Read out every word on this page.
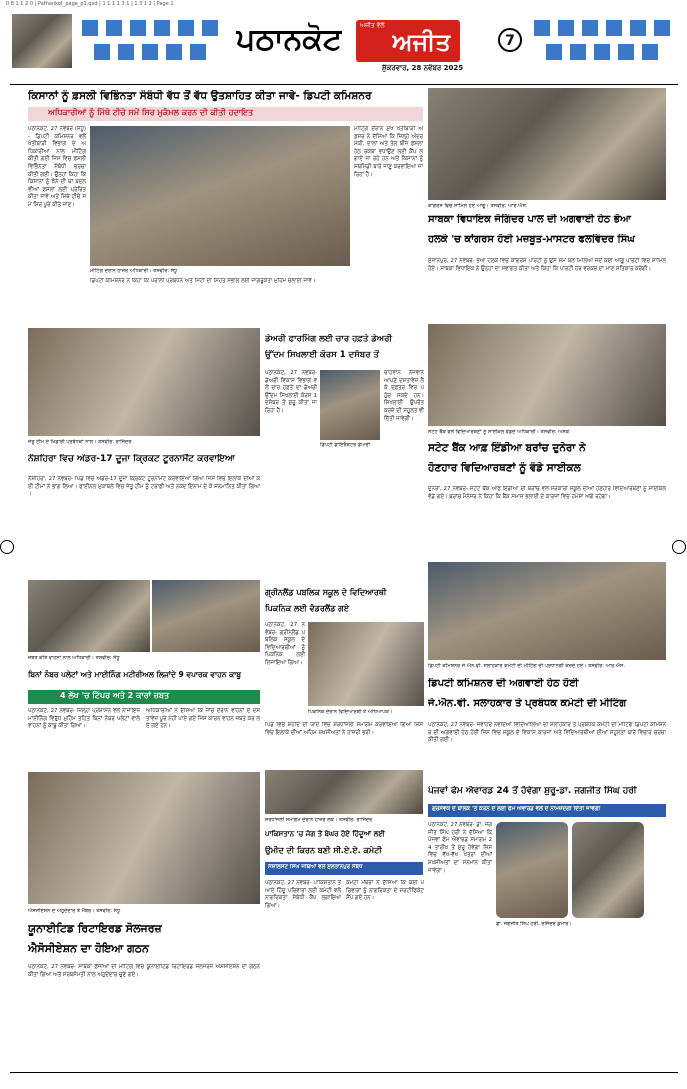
0 8 1 1 2 0 | Pathankot_page_p1.qxd | 1 1 1 1 3 1 | 1 3 1 2 | Page 1
ਪਠਾਨਕੋਟ ਅਜੀਤ
ਅਜੀਤ ਵੱਲੋਂ
ਸ਼ੁੱਕਰਵਾਰ, 28 ਨਵੰਬਰ 2025
7
ਕਿਸਾਨਾਂ ਨੂੰ ਫ਼ਸਲੀ ਵਿਭਿੰਨਤਾ ਸੰਬੰਧੀ ਵੱਧ ਤੋਂ ਵੱਧ ਉਤਸ਼ਾਹਿਤ ਕੀਤਾ ਜਾਵੇ- ਡਿਪਟੀ ਕਮਿਸ਼ਨਰ
ਅਧਿਕਾਰੀਆਂ ਨੂੰ ਮਿੱਥੇ ਟੀਚੇ ਸਮੇਂ ਸਿਰ ਮੁਕੰਮਲ ਕਰਨ ਦੀ ਕੀਤੀ ਹਦਾਇਤ
ਪਠਾਨਕੋਟ, 27 ਨਵੰਬਰ (ਸੰਧੂ)- ਡਿਪਟੀ ਕਮਿਸ਼ਨਰ ਵਲੋਂ ਖੇਤੀਬਾੜੀ ਵਿਭਾਗ ਦੇ ਅਧਿਕਾਰੀਆਂ ਨਾਲ ਮੀਟਿੰਗ ਕੀਤੀ ਗਈ ਜਿਸ ਵਿਚ ਫ਼ਸਲੀ ਵਿਭਿੰਨਤਾ ਸੰਬੰਧੀ ਚਰਚਾ ਕੀਤੀ ਗਈ। ਉਨ੍ਹਾਂ ਕਿਹਾ ਕਿ ਕਿਸਾਨਾਂ ਨੂੰ ਝੋਨੇ ਦੀ ਥਾਂ ਬਦਲਵੀਆਂ ਫ਼ਸਲਾਂ ਲਈ ਪ੍ਰੇਰਿਤ ਕੀਤਾ ਜਾਵੇ ਅਤੇ ਮਿੱਥੇ ਟੀਚੇ ਸਮੇਂ ਸਿਰ ਪੂਰੇ ਕੀਤੇ ਜਾਣ।
ਮੀਟਿੰਗ ਦੌਰਾਨ ਮੁੱਖ ਖੇਤੀਬਾੜੀ ਅਫ਼ਸਰ ਨੇ ਦੱਸਿਆ ਕਿ ਜ਼ਿਲ੍ਹੇ ਅੰਦਰ ਮੱਕੀ, ਦਾਲਾਂ ਅਤੇ ਤੇਲ ਬੀਜ ਫ਼ਸਲਾਂ ਹੇਠ ਰਕਬਾ ਵਧਾਉਣ ਲਈ ਕੈਂਪ ਲਗਾਏ ਜਾ ਰਹੇ ਹਨ ਅਤੇ ਕਿਸਾਨਾਂ ਨੂੰ ਸਬਸਿਡੀ ਬਾਰੇ ਜਾਣੂ ਕਰਵਾਇਆ ਜਾ ਰਿਹਾ ਹੈ।
ਮੀਟਿੰਗ ਦੌਰਾਨ ਹਾਜ਼ਰ ਅਧਿਕਾਰੀ। ਤਸਵੀਰ: ਸੰਧੂ
ਡਿਪਟੀ ਕਮਿਸ਼ਨਰ ਨੇ ਕਿਹਾ ਕਿ ਪਰਾਲੀ ਪ੍ਰਬੰਧਨ ਅਤੇ ਮਿੱਟੀ ਦੀ ਸਿਹਤ ਸੰਭਾਲ ਲਈ ਜਾਗਰੂਕਤਾ ਮੁਹਿੰਮ ਚਲਾਈ ਜਾਵੇ।
ਕਾਂਗਰਸ ਵਿਚ ਸ਼ਾਮਿਲ ਹੋਏ ਆਗੂ। ਤਸਵੀਰ: ਆਰ.ਐਸ.
ਸਾਬਕਾ ਵਿਧਾਇਕ ਜੋਗਿੰਦਰ ਪਾਲ ਦੀ ਅਗਵਾਈ ਹੇਠ ਭੋਆ
ਹਲਕੇ 'ਚ ਕਾਂਗਰਸ ਹੋਈ ਮਜ਼ਬੂਤ-ਮਾਸਟਰ ਫਲਵਿੰਦਰ ਸਿੰਘ
ਸੁਜਾਨਪੁਰ, 27 ਨਵੰਬਰ- ਭੋਆ ਹਲਕੇ ਵਿਚ ਕਾਂਗਰਸ ਪਾਰਟੀ ਨੂੰ ਉਸ ਸਮੇਂ ਬਲ ਮਿਲਿਆ ਜਦੋਂ ਕਈ ਆਗੂ ਪਾਰਟੀ ਵਿਚ ਸ਼ਾਮਿਲ ਹੋਏ। ਸਾਬਕਾ ਵਿਧਾਇਕ ਨੇ ਉਨ੍ਹਾਂ ਦਾ ਸਵਾਗਤ ਕੀਤਾ ਅਤੇ ਕਿਹਾ ਕਿ ਪਾਰਟੀ ਹਰ ਵਰਕਰ ਦਾ ਮਾਣ ਸਤਿਕਾਰ ਕਰੇਗੀ।
ਜੇਤੂ ਟੀਮ ਦੇ ਖਿਡਾਰੀ ਪ੍ਰਬੰਧਕਾਂ ਨਾਲ। ਤਸਵੀਰ: ਰਾਜਿੰਦਰ
ਨੌਸ਼ਹਿਰਾ ਵਿਚ ਅੰਡਰ-17 ਦੂਜਾ ਕ੍ਰਿਕਟ ਟੂਰਨਾਮੈਂਟ ਕਰਵਾਇਆ
ਨੌਸ਼ਹਿਰਾ, 27 ਨਵੰਬਰ- ਪਿੰਡ ਵਿਚ ਅੰਡਰ-17 ਦੂਜਾ ਕ੍ਰਿਕਟ ਟੂਰਨਾਮੈਂਟ ਕਰਵਾਇਆ ਗਿਆ ਜਿਸ ਵਿਚ ਇਲਾਕੇ ਦੀਆਂ ਕਈ ਟੀਮਾਂ ਨੇ ਭਾਗ ਲਿਆ। ਫਾਈਨਲ ਮੁਕਾਬਲੇ ਵਿਚ ਜੇਤੂ ਟੀਮ ਨੂੰ ਟਰਾਫ਼ੀ ਅਤੇ ਨਕਦ ਇਨਾਮ ਦੇ ਕੇ ਸਨਮਾਨਿਤ ਕੀਤਾ ਗਿਆ।
ਡੇਅਰੀ ਫਾਰਮਿੰਗ ਲਈ ਚਾਰ ਹਫ਼ਤੇ ਡੇਅਰੀ
ਉੱਦਮ ਸਿਖਲਾਈ ਕੋਰਸ 1 ਦਸੰਬਰ ਤੋਂ
ਪਠਾਨਕੋਟ, 27 ਨਵੰਬਰ- ਡੇਅਰੀ ਵਿਕਾਸ ਵਿਭਾਗ ਵਲੋਂ ਚਾਰ ਹਫ਼ਤੇ ਦਾ ਡੇਅਰੀ ਉੱਦਮ ਸਿਖਲਾਈ ਕੋਰਸ 1 ਦਸੰਬਰ ਤੋਂ ਸ਼ੁਰੂ ਕੀਤਾ ਜਾ ਰਿਹਾ ਹੈ।
ਡਿਪਟੀ ਡਾਇਰੈਕਟਰ ਡੇਅਰੀ
ਚਾਹਵਾਨ ਨੌਜਵਾਨ ਆਪਣੇ ਦਸਤਾਵੇਜ਼ ਲੈ ਕੇ ਦਫ਼ਤਰ ਵਿਚ ਪਹੁੰਚ ਸਕਦੇ ਹਨ। ਸਿਖਲਾਈ ਉਪਰੰਤ ਕਰਜ਼ੇ ਦੀ ਸਹੂਲਤ ਵੀ ਦਿੱਤੀ ਜਾਵੇਗੀ।
ਸਟੇਟ ਬੈਂਕ ਵਲੋਂ ਵਿਦਿਆਰਥਣਾਂ ਨੂੰ ਸਾਈਕਲ ਵੰਡਦੇ ਅਧਿਕਾਰੀ। ਤਸਵੀਰ: ਅਸ਼ੋਕ
ਸਟੇਟ ਬੈਂਕ ਆਫ਼ ਇੰਡੀਆ ਬਰਾਂਚ ਦੁਨੇਰਾ ਨੇ
ਹੋਣਹਾਰ ਵਿਦਿਆਰਥਣਾਂ ਨੂੰ ਵੰਡੇ ਸਾਈਕਲ
ਦੁਨੇਰਾ, 27 ਨਵੰਬਰ- ਸਟੇਟ ਬੈਂਕ ਆਫ਼ ਇੰਡੀਆ ਦੀ ਬਰਾਂਚ ਵਲੋਂ ਸਰਕਾਰੀ ਸਕੂਲ ਦੀਆਂ ਹੋਣਹਾਰ ਵਿਦਿਆਰਥਣਾਂ ਨੂੰ ਸਾਈਕਲ ਵੰਡੇ ਗਏ। ਬਰਾਂਚ ਮੈਨੇਜਰ ਨੇ ਕਿਹਾ ਕਿ ਬੈਂਕ ਸਮਾਜ ਭਲਾਈ ਦੇ ਕਾਰਜਾਂ ਵਿਚ ਹਮੇਸ਼ਾ ਅੱਗੇ ਰਹੇਗਾ।
ਜ਼ਬਤ ਕੀਤੇ ਵਾਹਨਾਂ ਨਾਲ ਅਧਿਕਾਰੀ। ਤਸਵੀਰ: ਸੰਧੂ
ਬਿਨਾਂ ਨੰਬਰ ਪਲੇਟਾਂ ਅਤੇ ਮਾਈਨਿੰਗ ਮਟੀਰੀਅਲ ਲਿਜਾਂਦੇ 9 ਵਪਾਰਕ ਵਾਹਨ ਕਾਬੂ
4 ਲੱਖ 'ਚ ਟਿੱਪਰ ਅਤੇ 2 ਕਾਰਾਂ ਜ਼ਬਤ
ਪਠਾਨਕੋਟ, 27 ਨਵੰਬਰ- ਜ਼ਿਲ੍ਹਾ ਪ੍ਰਸ਼ਾਸਨ ਵਲੋਂ ਨਾਜਾਇਜ਼ ਮਾਈਨਿੰਗ ਵਿਰੁੱਧ ਮੁਹਿੰਮ ਤਹਿਤ ਬਿਨਾਂ ਨੰਬਰ ਪਲੇਟਾਂ ਵਾਲੇ ਵਾਹਨਾਂ ਨੂੰ ਕਾਬੂ ਕੀਤਾ ਗਿਆ।
ਅਧਿਕਾਰੀਆਂ ਨੇ ਦੱਸਿਆ ਕਿ ਜਾਂਚ ਦੌਰਾਨ ਵਾਹਨਾਂ ਦੇ ਦਸਤਾਵੇਜ਼ ਪੂਰੇ ਨਹੀਂ ਪਾਏ ਗਏ ਜਿਸ ਕਾਰਨ ਵਾਹਨ ਜ਼ਬਤ ਕਰ ਲਏ ਗਏ ਹਨ।
ਗ੍ਰੀਨਲੈਂਡ ਪਬਲਿਕ ਸਕੂਲ ਦੇ ਵਿਦਿਆਰਥੀ
ਪਿਕਨਿਕ ਲਈ ਵੰਡਰਲੈਂਡ ਗਏ
ਪਠਾਨਕੋਟ, 27 ਨਵੰਬਰ- ਗ੍ਰੀਨਲੈਂਡ ਪਬਲਿਕ ਸਕੂਲ ਦੇ ਵਿਦਿਆਰਥੀਆਂ ਨੂੰ ਪਿਕਨਿਕ ਲਈ ਲਿਜਾਇਆ ਗਿਆ।
ਪਿਕਨਿਕ ਦੌਰਾਨ ਵਿਦਿਆਰਥੀ ਤੇ ਅਧਿਆਪਕ।
ਡਿਪਟੀ ਕਮਿਸ਼ਨਰ ਜੇ.ਐਨ.ਵੀ. ਸਲਾਹਕਾਰ ਕਮੇਟੀ ਦੀ ਮੀਟਿੰਗ ਦੀ ਪ੍ਰਧਾਨਗੀ ਕਰਦੇ ਹੋਏ। ਤਸਵੀਰ: ਆਰ.ਐਸ.
ਡਿਪਟੀ ਕਮਿਸ਼ਨਰ ਦੀ ਅਗਵਾਈ ਹੇਠ ਹੋਈ
ਜੇ.ਐਨ.ਵੀ. ਸਲਾਹਕਾਰ ਤੇ ਪ੍ਰਬੰਧਕ ਕਮੇਟੀ ਦੀ ਮੀਟਿੰਗ
ਪਠਾਨਕੋਟ, 27 ਨਵੰਬਰ- ਜਵਾਹਰ ਨਵੋਦਿਆ ਵਿਦਿਆਲਿਆ ਦੀ ਸਲਾਹਕਾਰ ਤੇ ਪ੍ਰਬੰਧਕ ਕਮੇਟੀ ਦੀ ਮੀਟਿੰਗ ਡਿਪਟੀ ਕਮਿਸ਼ਨਰ ਦੀ ਅਗਵਾਈ ਹੇਠ ਹੋਈ ਜਿਸ ਵਿਚ ਸਕੂਲ ਦੇ ਵਿਕਾਸ ਕਾਰਜਾਂ ਅਤੇ ਵਿਦਿਆਰਥੀਆਂ ਦੀਆਂ ਸਹੂਲਤਾਂ ਬਾਰੇ ਵਿਚਾਰ ਚਰਚਾ ਕੀਤੀ ਗਈ।
ਪਿੰਡ ਵਿਚ ਸ਼ਹੀਦ ਦੀ ਯਾਦ ਵਿਚ ਸ਼ਰਧਾਂਜਲੀ ਸਮਾਗਮ ਕਰਵਾਇਆ ਗਿਆ ਜਿਸ ਵਿਚ ਇਲਾਕੇ ਦੀਆਂ ਅਹਿਮ ਸ਼ਖ਼ਸੀਅਤਾਂ ਨੇ ਹਾਜ਼ਰੀ ਭਰੀ।
ਸ਼ਰਧਾਂਜਲੀ ਸਮਾਗਮ ਦੌਰਾਨ ਹਾਜ਼ਰ ਲੋਕ। ਤਸਵੀਰ: ਰਾਜਿੰਦਰ
ਐਸੋਸੀਏਸ਼ਨ ਦੇ ਅਹੁਦੇਦਾਰ ਤੇ ਮੈਂਬਰ। ਤਸਵੀਰ: ਸੰਧੂ
ਯੂਨਾਈਟਿਡ ਰਿਟਾਇਰਡ ਸੋਲਜਰਜ਼
ਐਸੋਸੀਏਸ਼ਨ ਦਾ ਹੋਇਆ ਗਠਨ
ਪਠਾਨਕੋਟ, 27 ਨਵੰਬਰ- ਸਾਬਕਾ ਫ਼ੌਜੀਆਂ ਦੀ ਮੀਟਿੰਗ ਵਿਚ ਯੂਨਾਈਟਿਡ ਰਿਟਾਇਰਡ ਸੋਲਜਰਜ਼ ਐਸੋਸੀਏਸ਼ਨ ਦਾ ਗਠਨ ਕੀਤਾ ਗਿਆ ਅਤੇ ਸਰਬਸੰਮਤੀ ਨਾਲ ਅਹੁਦੇਦਾਰ ਚੁਣੇ ਗਏ।
ਪੰਜਵਾਂ ਫੇਮ ਐਵਾਰਡ 24 ਤੋਂ ਹੋਵੇਗਾ ਸ਼ੁਰੂ-ਡਾ. ਜਗਜੀਤ ਸਿੰਘ ਹਰੀ
ਗੁਰਸੇਵਕ ਦੇ ਬਾਲਕ 'ਤੇ ਕਰਨ ਦੇ ਲਈ ਫੇਮ ਐਵਾਰਡ ਵੱਲੋਂ ਦੇ ਨਾਮਜ਼ਦਗੀ ਦਿੱਤੀ ਜਾਵੇਗੀ
ਪਠਾਨਕੋਟ, 27 ਨਵੰਬਰ- ਡਾ. ਜਗਜੀਤ ਸਿੰਘ ਹਰੀ ਨੇ ਦੱਸਿਆ ਕਿ ਪੰਜਵਾਂ ਫੇਮ ਐਵਾਰਡ ਸਮਾਗਮ 24 ਤਾਰੀਖ਼ ਤੋਂ ਸ਼ੁਰੂ ਹੋਵੇਗਾ ਜਿਸ ਵਿਚ ਵੱਖ-ਵੱਖ ਖੇਤਰਾਂ ਦੀਆਂ ਸ਼ਖ਼ਸੀਅਤਾਂ ਦਾ ਸਨਮਾਨ ਕੀਤਾ ਜਾਵੇਗਾ।
ਡਾ. ਜਗਜੀਤ ਸਿੰਘ ਹਰੀ, ਰਜਿੰਦਰ ਕੁਮਾਰ।
ਪਾਕਿਸਤਾਨ 'ਚ ਜੰਗ ਤੋਂ ਬੇਘਰ ਹੋਏ ਹਿੰਦੂਆਂ ਲਈ
ਉਮੀਦ ਦੀ ਕਿਰਨ ਬਣੀ ਸੀ.ਏ.ਏ. ਕਮੇਟੀ
ਸੋਸ਼ਲਿਸਟ ਸਿੰਘ ਜਥਿਆਂ ਵਲੋਂ ਸੁਲਤਾਨਪੁਰ ਸੰਬੰਧ
ਪਠਾਨਕੋਟ, 27 ਨਵੰਬਰ- ਪਾਕਿਸਤਾਨ ਤੋਂ ਆਏ ਹਿੰਦੂ ਪਰਿਵਾਰਾਂ ਲਈ ਕਮੇਟੀ ਵਲੋਂ ਨਾਗਰਿਕਤਾ ਸੰਬੰਧੀ ਕੈਂਪ ਲਗਾਇਆ ਗਿਆ।
ਕਮੇਟੀ ਮੈਂਬਰਾਂ ਨੇ ਦੱਸਿਆ ਕਿ ਕਈ ਪਰਿਵਾਰਾਂ ਨੂੰ ਨਾਗਰਿਕਤਾ ਦੇ ਸਰਟੀਫਿਕੇਟ ਸੌਂਪੇ ਗਏ ਹਨ।
